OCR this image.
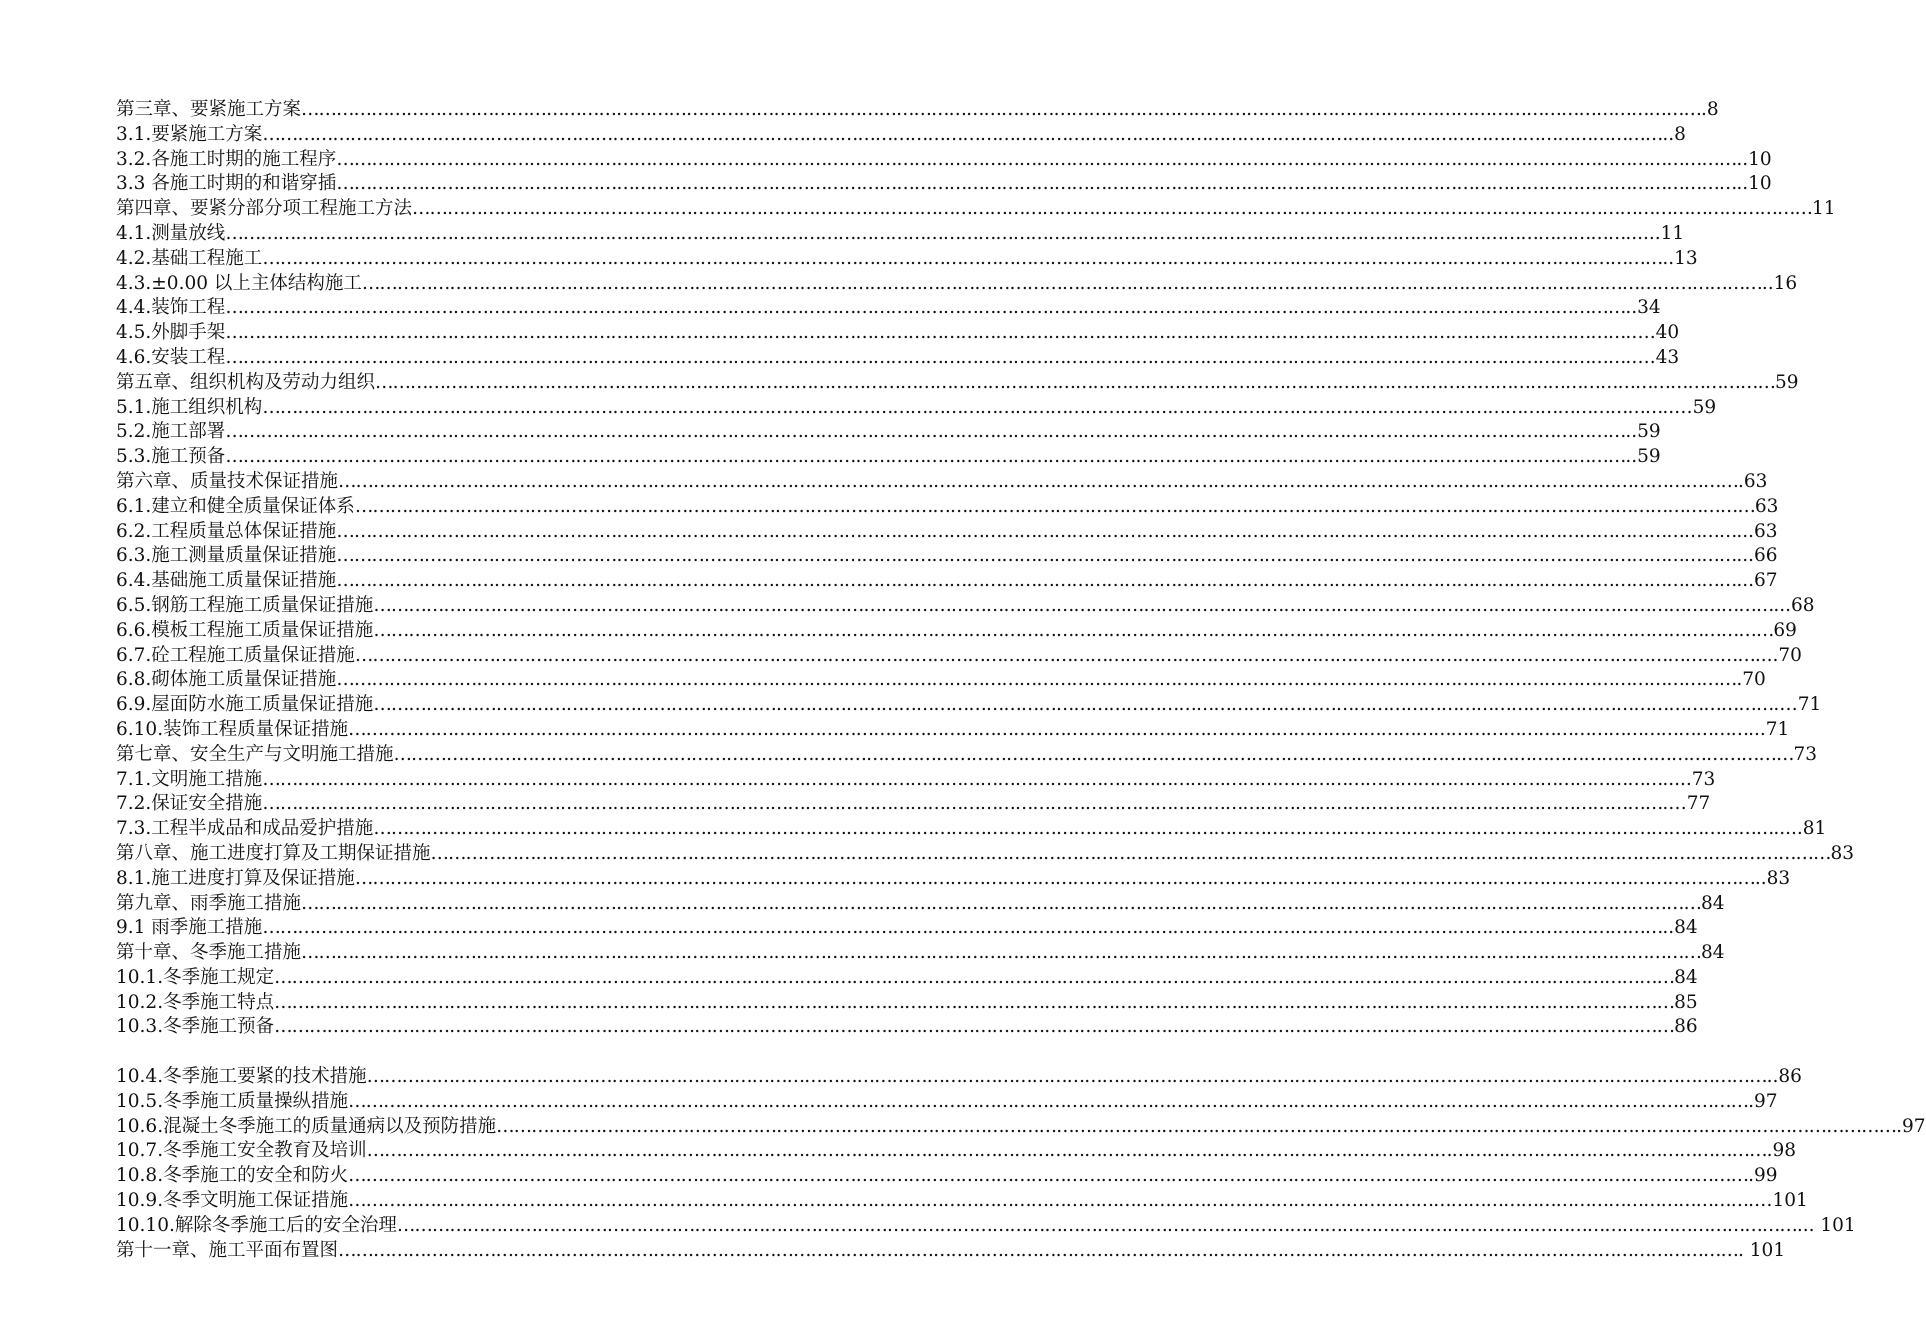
第三章、要紧施工方案 …………………………………………………………………………………………………………………………………………………………………………………………………………………… .8
3.1.要紧施工方案 …………………………………………………………………………………………………………………………………………………………………………………………………………………… ..8
3.2.各施工时期的施工程序 …………………………………………………………………………………………………………………………………………………………………………………………………………………… ..10
3.3 各施工时期的和谐穿插 …………………………………………………………………………………………………………………………………………………………………………………………………………………… ..10
第四章、要紧分部分项工程施工方法 …………………………………………………………………………………………………………………………………………………………………………………………………………………… 11
4.1.测量放线 …………………………………………………………………………………………………………………………………………………………………………………………………………………… ......11
4.2.基础工程施工 …………………………………………………………………………………………………………………………………………………………………………………………………………………… ..13
4.3.±0.00 以上主体结构施工 …………………………………………………………………………………………………………………………………………………………………………………………………………………… ..16
4.4.装饰工程 …………………………………………………………………………………………………………………………………………………………………………………………………………………… ..34
4.5.外脚手架 …………………………………………………………………………………………………………………………………………………………………………………………………………………… .….40
4.6.安装工程 …………………………………………………………………………………………………………………………………………………………………………………………………………………… .….43
第五章、组织机构及劳动力组织 …………………………………………………………………………………………………………………………………………………………………………………………………………………… 59
5.1.施工组织机构 …………………………………………………………………………………………………………………………………………………………………………………………………………………… ..…59
5.2.施工部署 …………………………………………………………………………………………………………………………………………………………………………………………………………………… ..59
5.3.施工预备 …………………………………………………………………………………………………………………………………………………………………………………………………………………… ..59
第六章、质量技术保证措施 …………………………………………………………………………………………………………………………………………………………………………………………………………………… .63
6.1.建立和健全质量保证体系 …………………………………………………………………………………………………………………………………………………………………………………………………………………… 63
6.2.工程质量总体保证措施 …………………………………………………………………………………………………………………………………………………………………………………………………………………… ...63
6.3.施工测量质量保证措施 …………………………………………………………………………………………………………………………………………………………………………………………………………………… ...66
6.4.基础施工质量保证措施 …………………………………………………………………………………………………………………………………………………………………………………………………………………… ...67
6.5.钢筋工程施工质量保证措施 …………………………………………………………………………………………………………………………………………………………………………………………………………………… ...68
6.6.模板工程施工质量保证措施 …………………………………………………………………………………………………………………………………………………………………………………………………………………… 69
6.7.砼工程施工质量保证措施 …………………………………………………………………………………………………………………………………………………………………………………………………………………… ....70
6.8.砌体施工质量保证措施 …………………………………………………………………………………………………………………………………………………………………………………………………………………… .70
6.9.屋面防水施工质量保证措施 …………………………………………………………………………………………………………………………………………………………………………………………………………………… .…71
6.10.装饰工程质量保证措施 …………………………………………………………………………………………………………………………………………………………………………………………………………………… ...71
第七章、安全生产与文明施工措施 …………………………………………………………………………………………………………………………………………………………………………………………………………………… 73
7.1.文明施工措施 …………………………………………………………………………………………………………………………………………………………………………………………………………………… .....73
7.2.保证安全措施 …………………………………………………………………………………………………………………………………………………………………………………………………………………… .…77
7.3.工程半成品和成品爱护措施 …………………………………………………………………………………………………………………………………………………………………………………………………………………… .....81
第八章、施工进度打算及工期保证措施 …………………………………………………………………………………………………………………………………………………………………………………………………………………… 83
8.1.施工进度打算及保证措施 …………………………………………………………………………………………………………………………………………………………………………………………………………………… ..83
第九章、雨季施工措施 …………………………………………………………………………………………………………………………………………………………………………………………………………………… 84
9.1 雨季施工措施 …………………………………………………………………………………………………………………………………………………………………………………………………………………… ..84
第十章、冬季施工措施 …………………………………………………………………………………………………………………………………………………………………………………………………………………… 84
10.1.冬季施工规定 …………………………………………………………………………………………………………………………………………………………………………………………………………………… 84
10.2.冬季施工特点 …………………………………………………………………………………………………………………………………………………………………………………………………………………… 85
10.3.冬季施工预备 …………………………………………………………………………………………………………………………………………………………………………………………………………………… 86
10.4.冬季施工要紧的技术措施 …………………………………………………………………………………………………………………………………………………………………………………………………………………… ..86
10.5.冬季施工质量操纵措施 …………………………………………………………………………………………………………………………………………………………………………………………………………………… .97
10.6.混凝土冬季施工的质量通病以及预防措施 …………………………………………………………………………………………………………………………………………………………………………………………………………………… .97
10.7.冬季施工安全教育及培训 …………………………………………………………………………………………………………………………………………………………………………………………………………………… .98
10.8.冬季施工的安全和防火 …………………………………………………………………………………………………………………………………………………………………………………………………………………… .99
10.9.冬季文明施工保证措施 …………………………………………………………………………………………………………………………………………………………………………………………………………………… .…101
10.10.解除冬季施工后的安全治理 …………………………………………………………………………………………………………………………………………………………………………………………………………………… ... 101
第十一章、施工平面布置图 …………………………………………………………………………………………………………………………………………………………………………………………………………………… . 101
